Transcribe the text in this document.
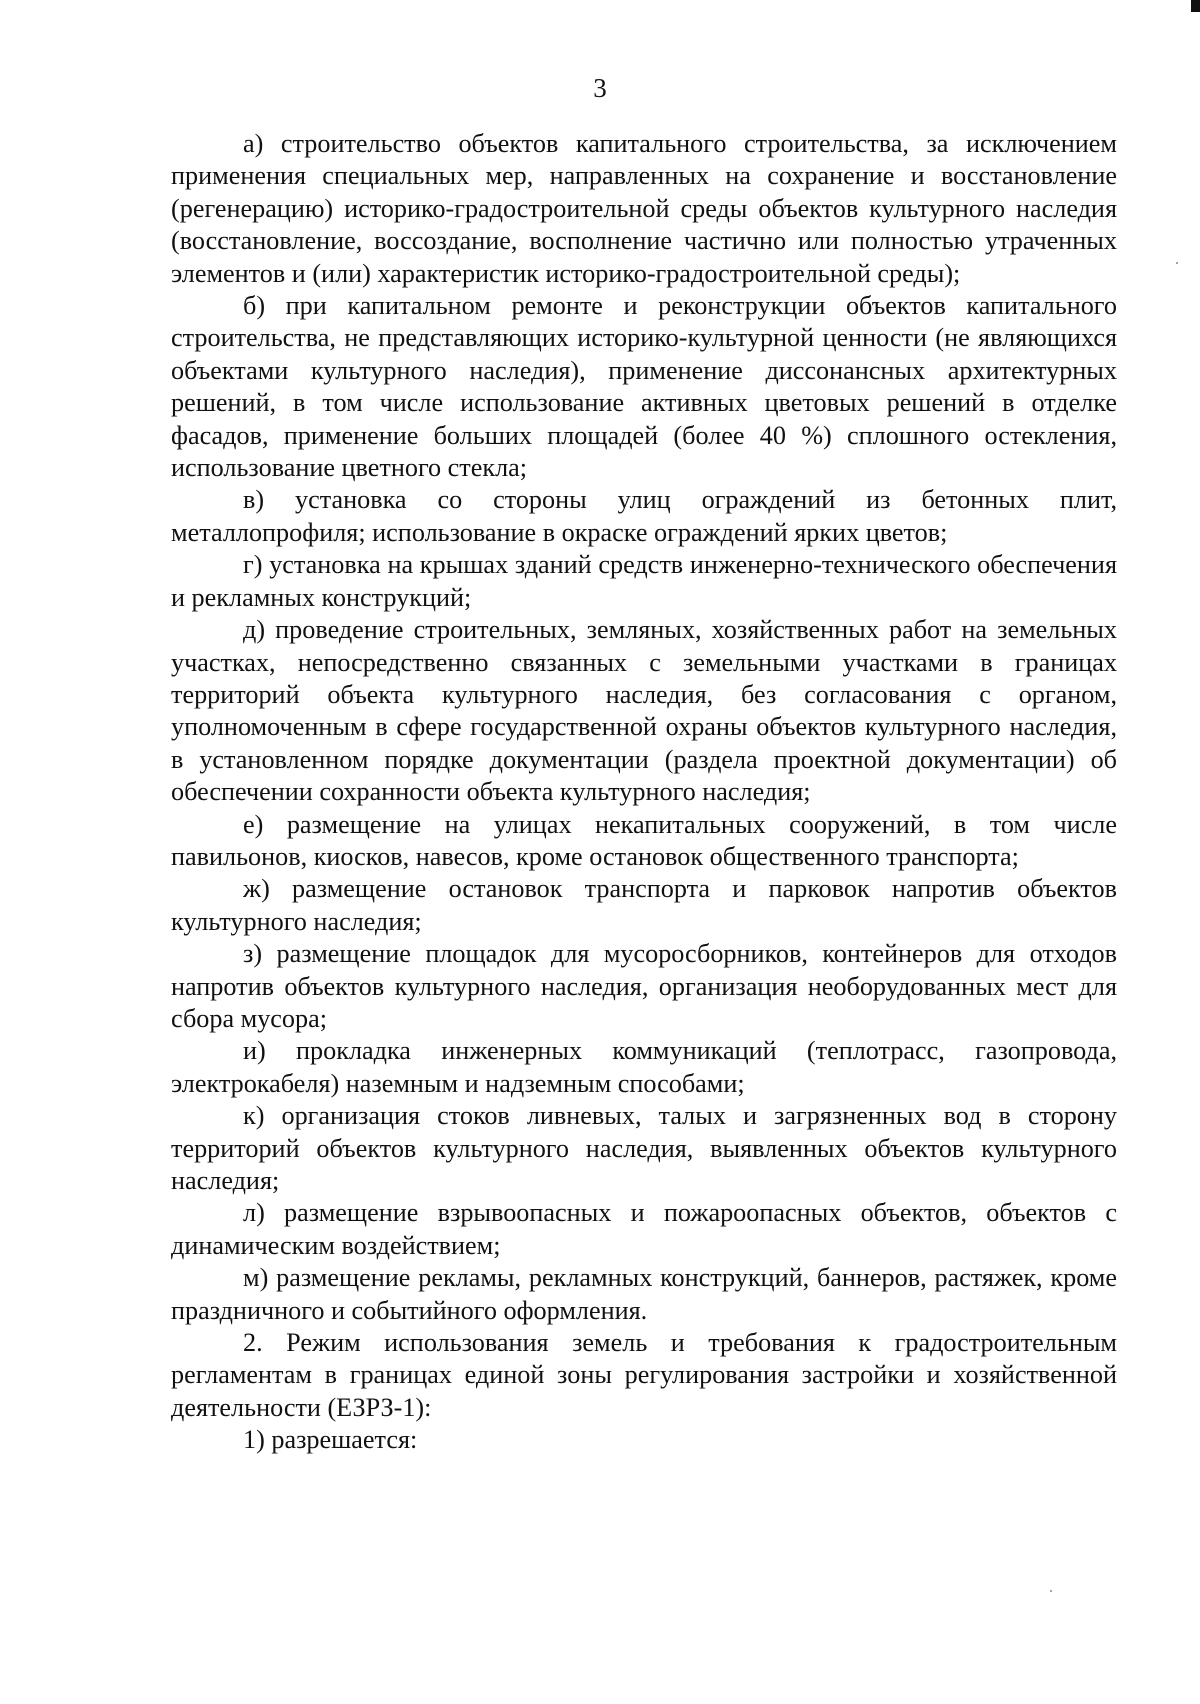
3

а) строительство объектов капитального строительства, за исключением применения специальных мер, направленных на сохранение и восстановление (регенерацию) историко-градостроительной среды объектов культурного наследия (восстановление, воссоздание, восполнение частично или полностью утраченных элементов и (или) характеристик историко-градостроительной среды);

б) при капитальном ремонте и реконструкции объектов капитального строительства, не представляющих историко-культурной ценности (не являющихся объектами культурного наследия), применение диссонансных архитектурных решений, в том числе использование активных цветовых решений в отделке фасадов, применение больших площадей (более 40 %) сплошного остекления, использование цветного стекла;

в) установка со стороны улиц ограждений из бетонных плит, металлопрофиля; использование в окраске ограждений ярких цветов;

г) установка на крышах зданий средств инженерно-технического обеспечения и рекламных конструкций;

д) проведение строительных, земляных, хозяйственных работ на земельных участках, непосредственно связанных с земельными участками в границах территорий объекта культурного наследия, без согласования с органом, уполномоченным в сфере государственной охраны объектов культурного наследия, в установленном порядке документации (раздела проектной документации) об обеспечении сохранности объекта культурного наследия;

е) размещение на улицах некапитальных сооружений, в том числе павильонов, киосков, навесов, кроме остановок общественного транспорта;

ж) размещение остановок транспорта и парковок напротив объектов культурного наследия;

з) размещение площадок для мусоросборников, контейнеров для отходов напротив объектов культурного наследия, организация необорудованных мест для сбора мусора;

и) прокладка инженерных коммуникаций (теплотрасс, газопровода, электрокабеля) наземным и надземным способами;

к) организация стоков ливневых, талых и загрязненных вод в сторону территорий объектов культурного наследия, выявленных объектов культурного наследия;

л) размещение взрывоопасных и пожароопасных объектов, объектов с динамическим воздействием;

м) размещение рекламы, рекламных конструкций, баннеров, растяжек, кроме праздничного и событийного оформления.

2. Режим использования земель и требования к градостроительным регламентам в границах единой зоны регулирования застройки и хозяйственной деятельности (ЕЗРЗ-1):

1) разрешается:
